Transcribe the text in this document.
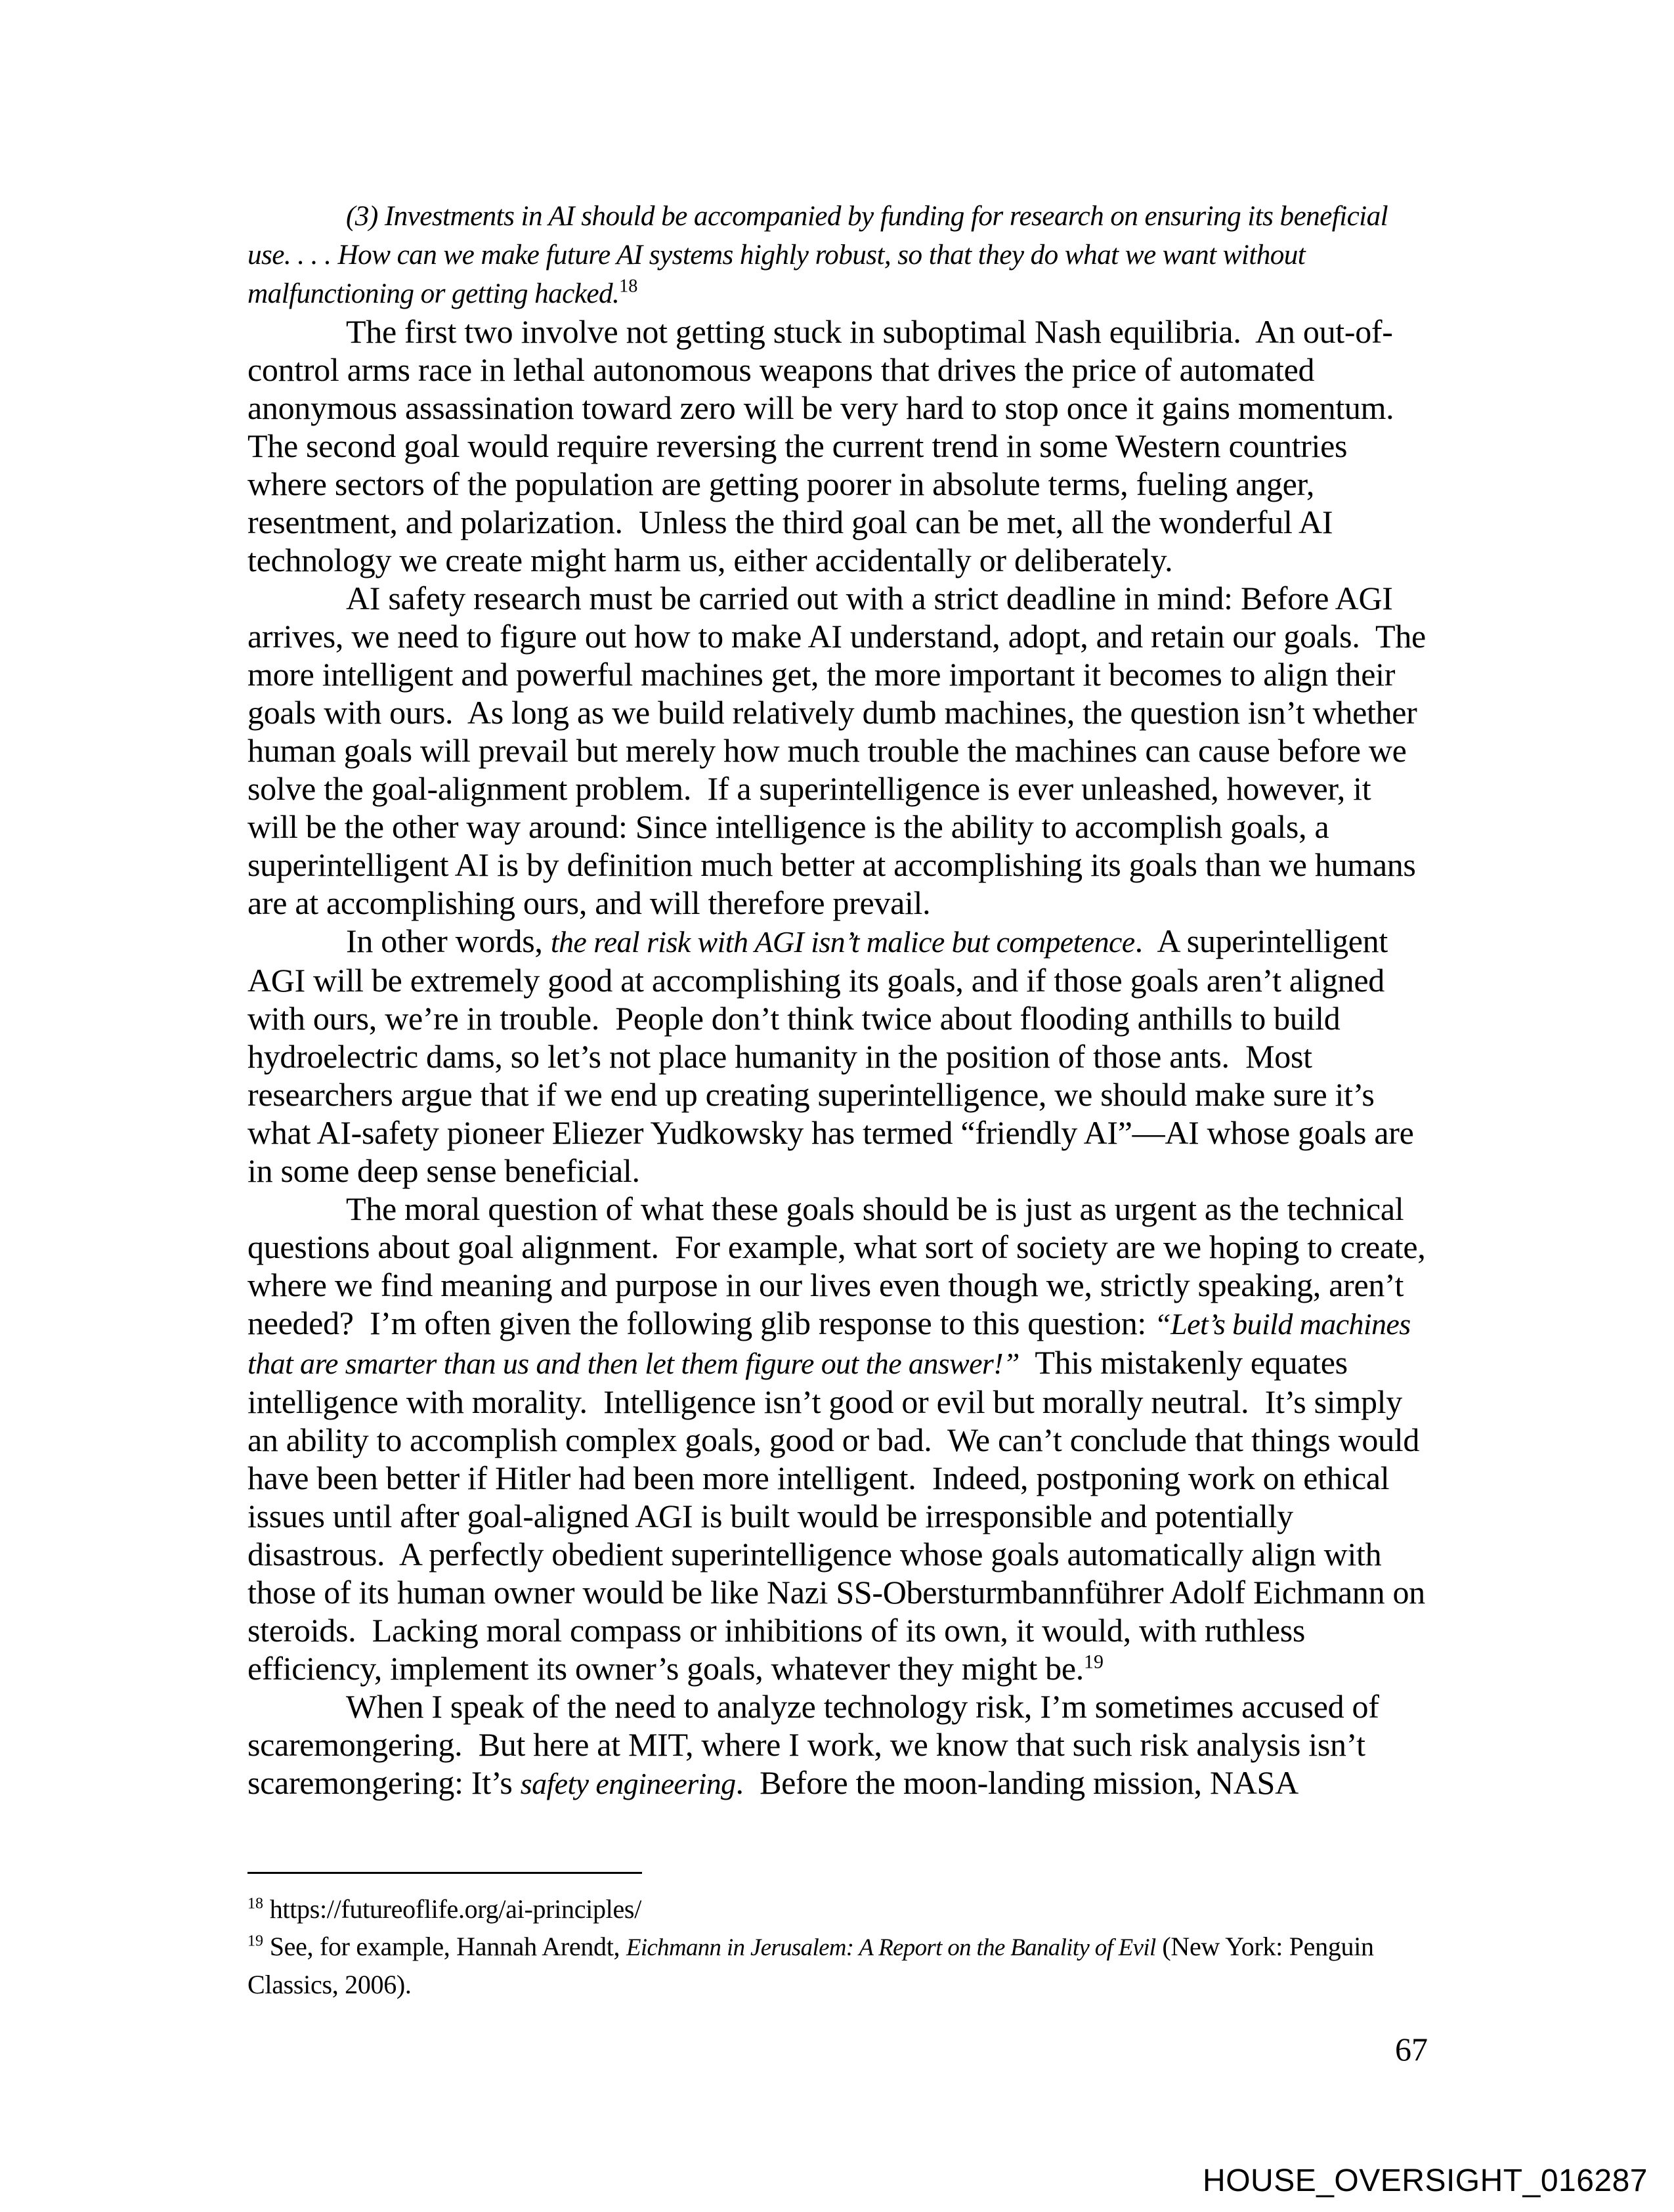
(3) Investments in AI should be accompanied by funding for research on ensuring its beneficial use. . . . How can we make future AI systems highly robust, so that they do what we want without malfunctioning or getting hacked.$^{18}$

The first two involve not getting stuck in suboptimal Nash equilibria.  An out-of-control arms race in lethal autonomous weapons that drives the price of automated anonymous assassination toward zero will be very hard to stop once it gains momentum.  The second goal would require reversing the current trend in some Western countries where sectors of the population are getting poorer in absolute terms, fueling anger, resentment, and polarization.  Unless the third goal can be met, all the wonderful AI technology we create might harm us, either accidentally or deliberately.

AI safety research must be carried out with a strict deadline in mind: Before AGI arrives, we need to figure out how to make AI understand, adopt, and retain our goals.  The more intelligent and powerful machines get, the more important it becomes to align their goals with ours.  As long as we build relatively dumb machines, the question isn’t whether human goals will prevail but merely how much trouble the machines can cause before we solve the goal-alignment problem.  If a superintelligence is ever unleashed, however, it will be the other way around: Since intelligence is the ability to accomplish goals, a superintelligent AI is by definition much better at accomplishing its goals than we humans are at accomplishing ours, and will therefore prevail.

In other words, the real risk with AGI isn’t malice but competence.  A superintelligent AGI will be extremely good at accomplishing its goals, and if those goals aren’t aligned with ours, we’re in trouble.  People don’t think twice about flooding anthills to build hydroelectric dams, so let’s not place humanity in the position of those ants.  Most researchers argue that if we end up creating superintelligence, we should make sure it’s what AI-safety pioneer Eliezer Yudkowsky has termed “friendly AI”—AI whose goals are in some deep sense beneficial.

The moral question of what these goals should be is just as urgent as the technical questions about goal alignment.  For example, what sort of society are we hoping to create, where we find meaning and purpose in our lives even though we, strictly speaking, aren’t needed?  I’m often given the following glib response to this question: “Let’s build machines that are smarter than us and then let them figure out the answer!”  This mistakenly equates intelligence with morality.  Intelligence isn’t good or evil but morally neutral.  It’s simply an ability to accomplish complex goals, good or bad.  We can’t conclude that things would have been better if Hitler had been more intelligent.  Indeed, postponing work on ethical issues until after goal-aligned AGI is built would be irresponsible and potentially disastrous.  A perfectly obedient superintelligence whose goals automatically align with those of its human owner would be like Nazi SS-Obersturmbannführer Adolf Eichmann on steroids.  Lacking moral compass or inhibitions of its own, it would, with ruthless efficiency, implement its owner’s goals, whatever they might be.$^{19}$

When I speak of the need to analyze technology risk, I’m sometimes accused of scaremongering.  But here at MIT, where I work, we know that such risk analysis isn’t scaremongering: It’s safety engineering.  Before the moon-landing mission, NASA

$^{18}$ https://futureoflife.org/ai-principles/

$^{19}$ See, for example, Hannah Arendt, Eichmann in Jerusalem: A Report on the Banality of Evil (New York: Penguin Classics, 2006).

67
HOUSE_OVERSIGHT_016287
